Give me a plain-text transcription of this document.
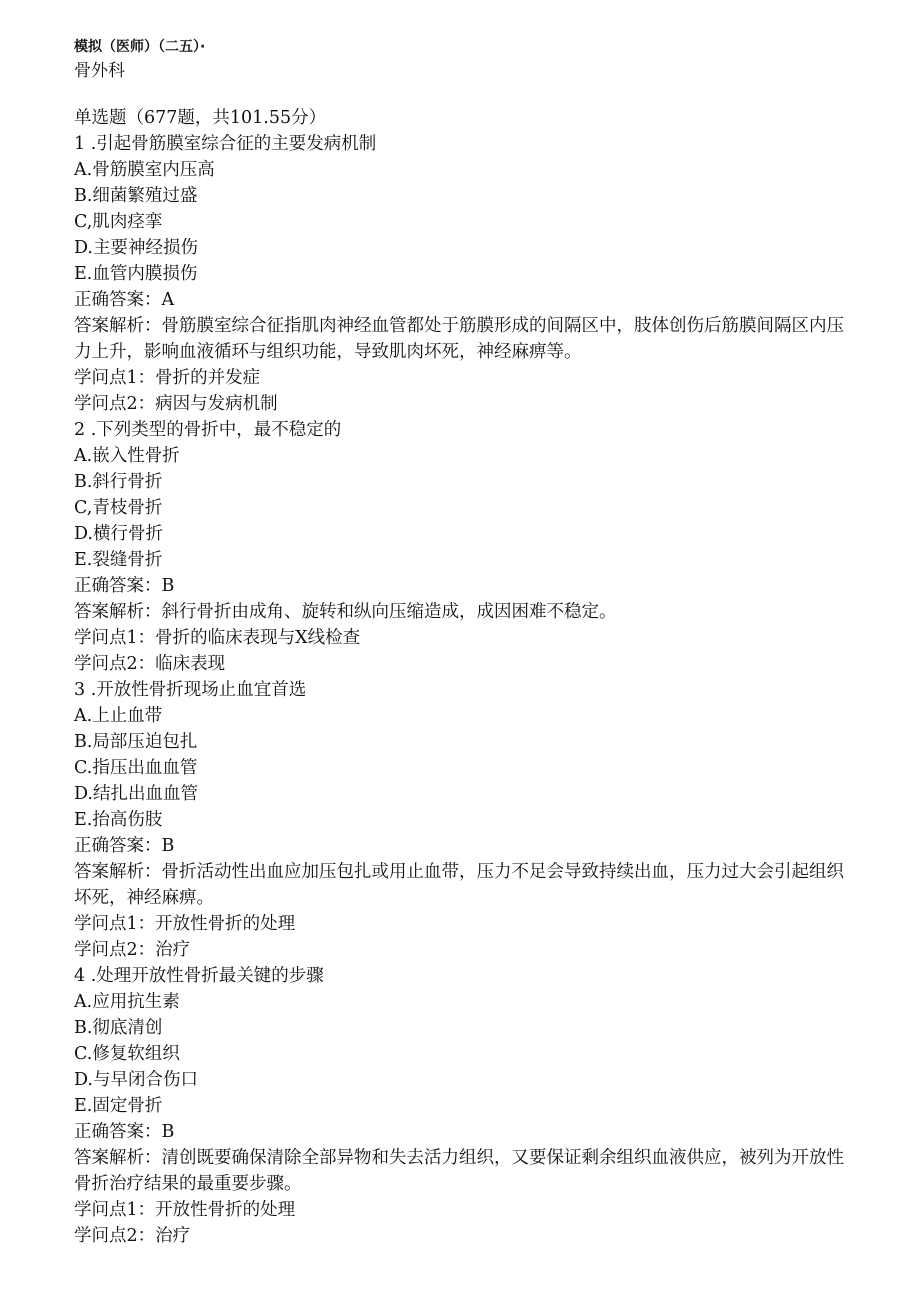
模拟（医师）（二五）·
骨外科
单选题（677题，共101.55分）
1 .引起骨筋膜室综合征的主要发病机制
A.骨筋膜室内压高
B.细菌繁殖过盛
C,肌肉痉挛
D.主要神经损伤
E.血管内膜损伤
正确答案：A
答案解析：骨筋膜室综合征指肌肉神经血管都处于筋膜形成的间隔区中，肢体创伤后筋膜间隔区内压力上升，影响血液循环与组织功能，导致肌肉坏死，神经麻痹等。
学问点1：骨折的并发症
学问点2：病因与发病机制
2 .下列类型的骨折中，最不稳定的
A.嵌入性骨折
B.斜行骨折
C,青枝骨折
D.横行骨折
E.裂缝骨折
正确答案：B
答案解析：斜行骨折由成角、旋转和纵向压缩造成，成因困难不稳定。
学问点1：骨折的临床表现与X线检查
学问点2：临床表现
3 .开放性骨折现场止血宜首选
A.上止血带
B.局部压迫包扎
C.指压出血血管
D.结扎出血血管
E.抬高伤肢
正确答案：B
答案解析：骨折活动性出血应加压包扎或用止血带，压力不足会导致持续出血，压力过大会引起组织坏死，神经麻痹。
学问点1：开放性骨折的处理
学问点2：治疗
4 .处理开放性骨折最关键的步骤
A.应用抗生素
B.彻底清创
C.修复软组织
D.与早闭合伤口
E.固定骨折
正确答案：B
答案解析：清创既要确保清除全部异物和失去活力组织，又要保证剩余组织血液供应，被列为开放性骨折治疗结果的最重要步骤。
学问点1：开放性骨折的处理
学问点2：治疗
